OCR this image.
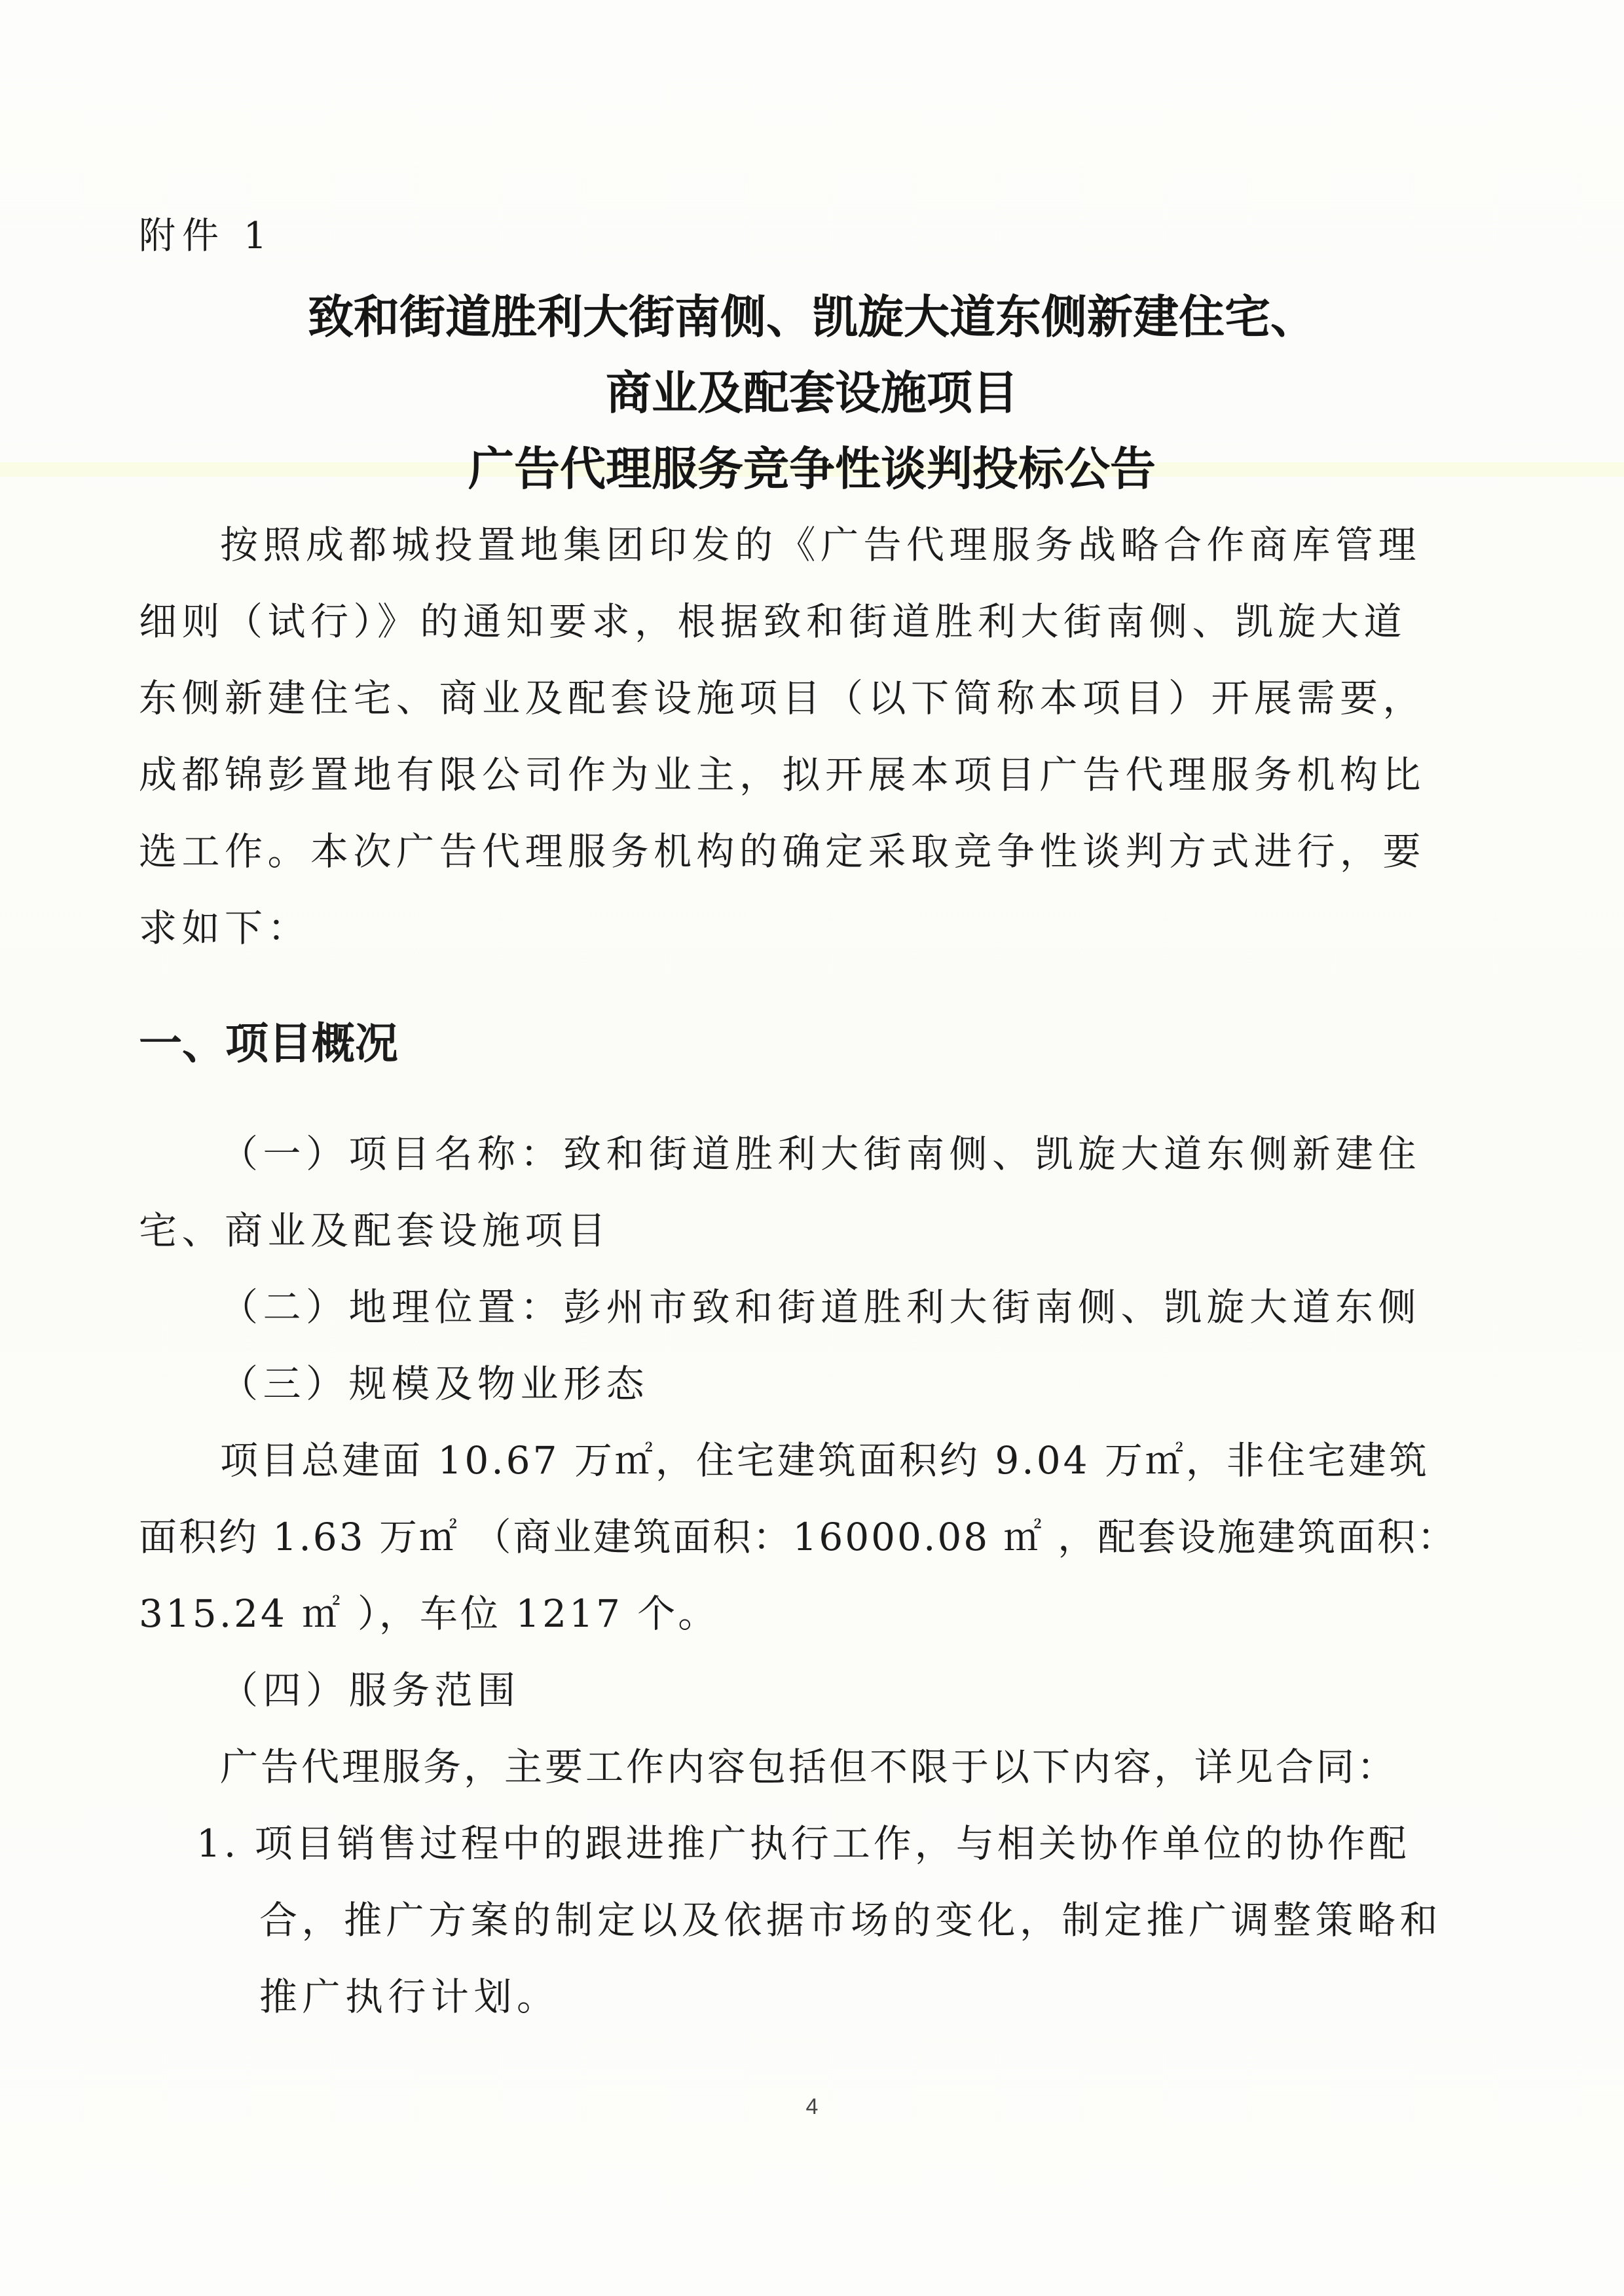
附件 1
致和街道胜利大街南侧、凯旋大道东侧新建住宅、
商业及配套设施项目
广告代理服务竞争性谈判投标公告
按照成都城投置地集团印发的《广告代理服务战略合作商库管理
细则（试行）》的通知要求，根据致和街道胜利大街南侧、凯旋大道
东侧新建住宅、商业及配套设施项目（以下简称本项目）开展需要，
成都锦彭置地有限公司作为业主，拟开展本项目广告代理服务机构比
选工作。本次广告代理服务机构的确定采取竞争性谈判方式进行，要
求如下：
一、项目概况
（一）项目名称：致和街道胜利大街南侧、凯旋大道东侧新建住
宅、商业及配套设施项目
（二）地理位置：彭州市致和街道胜利大街南侧、凯旋大道东侧
（三）规模及物业形态
项目总建面 10.67 万㎡，住宅建筑面积约 9.04 万㎡，非住宅建筑
面积约 1.63 万㎡ （商业建筑面积：16000.08 ㎡ ，配套设施建筑面积：
315.24 ㎡ ），车位 1217 个。
（四）服务范围
广告代理服务，主要工作内容包括但不限于以下内容，详见合同：
1. 项目销售过程中的跟进推广执行工作，与相关协作单位的协作配
合，推广方案的制定以及依据市场的变化，制定推广调整策略和
推广执行计划。
4
